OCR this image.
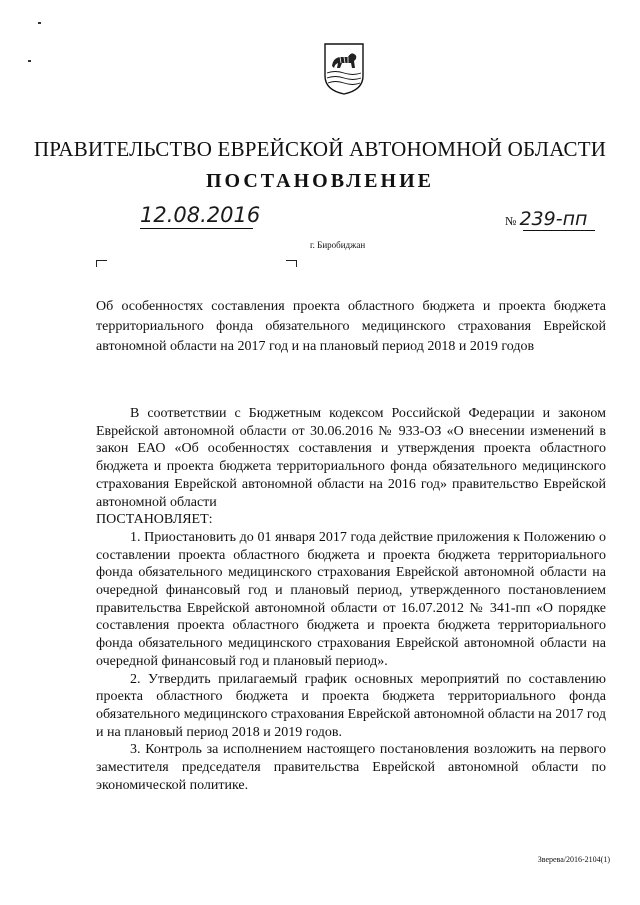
ПРАВИТЕЛЬСТВО ЕВРЕЙСКОЙ АВТОНОМНОЙ ОБЛАСТИ
ПОСТАНОВЛЕНИЕ
12.08.2016	№ 239-пп
г. Биробиджан
Об особенностях составления проекта областного бюджета и проекта бюджета территориального фонда обязательного медицинского страхования Еврейской автономной области на 2017 год и на плановый период 2018 и 2019 годов

В соответствии с Бюджетным кодексом Российской Федерации и законом Еврейской автономной области от 30.06.2016 № 933-ОЗ «О внесении изменений в закон ЕАО «Об особенностях составления и утверждения проекта областного бюджета и проекта бюджета территориального фонда обязательного медицинского страхования Еврейской автономной области на 2016 год» правительство Еврейской автономной области

ПОСТАНОВЛЯЕТ:

1. Приостановить до 01 января 2017 года действие приложения к Положению о составлении проекта областного бюджета и проекта бюджета территориального фонда обязательного медицинского страхования Еврейской автономной области на очередной финансовый год и плановый период, утвержденного постановлением правительства Еврейской автономной области от 16.07.2012 № 341-пп «О порядке составления проекта областного бюджета и проекта бюджета территориального фонда обязательного медицинского страхования Еврейской автономной области на очередной финансовый год и плановый период».

2. Утвердить прилагаемый график основных мероприятий по составлению проекта областного бюджета и проекта бюджета территориального фонда обязательного медицинского страхования Еврейской автономной области на 2017 год и на плановый период 2018 и 2019 годов.

3. Контроль за исполнением настоящего постановления возложить на первого заместителя председателя правительства Еврейской автономной области по экономической политике.

Зверева/2016-2104(1)
